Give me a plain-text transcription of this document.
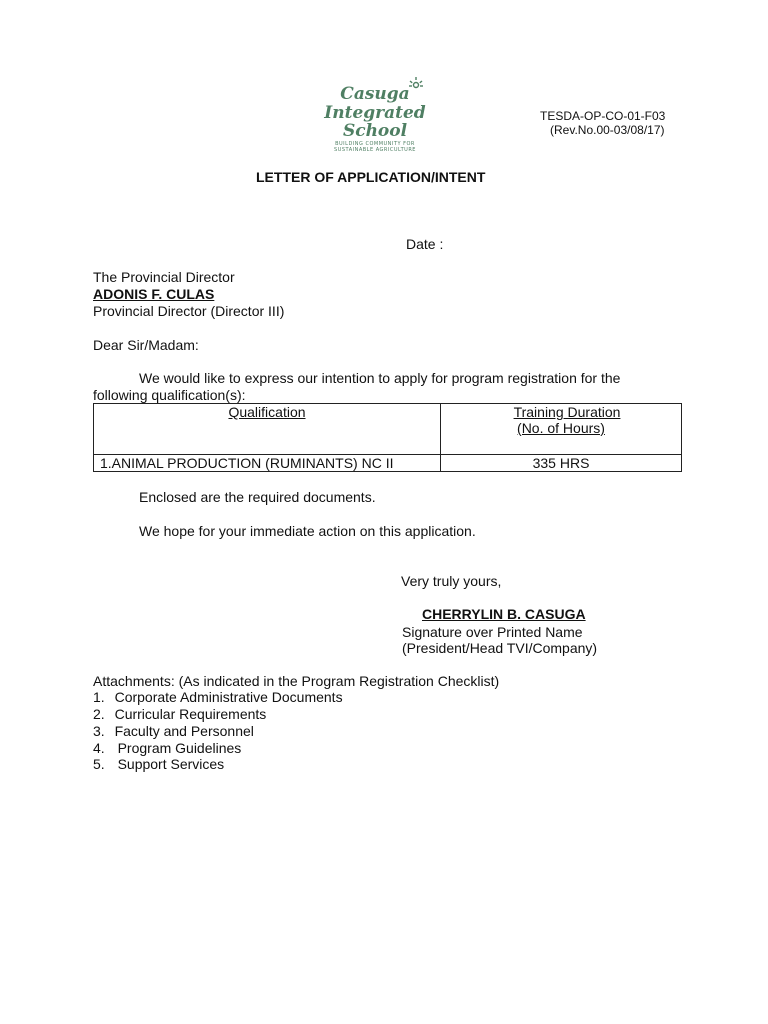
Casuga
Integrated
School
BUILDING COMMUNITY FOR
SUSTAINABLE AGRICULTURE
TESDA-OP-CO-01-F03
(Rev.No.00-03/08/17)
LETTER OF APPLICATION/INTENT
Date :
The Provincial Director
ADONIS F. CULAS
Provincial Director (Director III)
Dear Sir/Madam:
We would like to express our intention to apply for program registration for the
following qualification(s):
Qualification	Training Duration
(No. of Hours)

1.ANIMAL PRODUCTION (RUMINANTS) NC II	335 HRS
Enclosed are the required documents.
We hope for your immediate action on this application.
Very truly yours,
CHERRYLIN B. CASUGA
Signature over Printed Name
(President/Head TVI/Company)
Attachments: (As indicated in the Program Registration Checklist)
1. Corporate Administrative Documents
2. Curricular Requirements
3. Faculty and Personnel
4. Program Guidelines
5. Support Services
